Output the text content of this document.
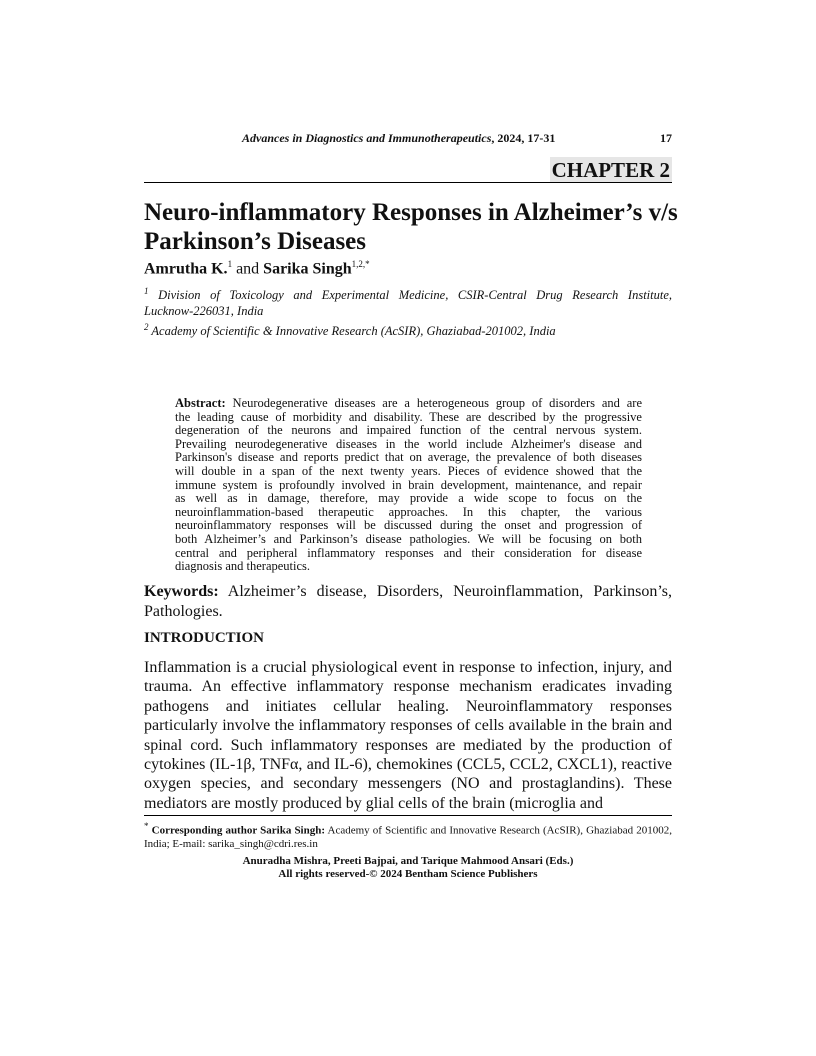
Advances in Diagnostics and Immunotherapeutics, 2024, 17-31	17
CHAPTER 2
Neuro-inflammatory Responses in Alzheimer’s v/s
Parkinson’s Diseases
Amrutha K.$^1$ and Sarika Singh$^{1,2,*}$
$^1$ Division of Toxicology and Experimental Medicine, CSIR-Central Drug Research Institute,
Lucknow-226031, India
$^2$ Academy of Scientific & Innovative Research (AcSIR), Ghaziabad-201002, India
Abstract: Neurodegenerative diseases are a heterogeneous group of disorders and are
the leading cause of morbidity and disability. These are described by the progressive
degeneration of the neurons and impaired function of the central nervous system.
Prevailing neurodegenerative diseases in the world include Alzheimer's disease and
Parkinson's disease and reports predict that on average, the prevalence of both diseases
will double in a span of the next twenty years. Pieces of evidence showed that the
immune system is profoundly involved in brain development, maintenance, and repair
as well as in damage, therefore, may provide a wide scope to focus on the
neuroinflammation-based therapeutic approaches. In this chapter, the various
neuroinflammatory responses will be discussed during the onset and progression of
both Alzheimer’s and Parkinson’s disease pathologies. We will be focusing on both
central and peripheral inflammatory responses and their consideration for disease
diagnosis and therapeutics.
Keywords: Alzheimer’s disease, Disorders, Neuroinflammation, Parkinson’s,
Pathologies.
INTRODUCTION
Inflammation is a crucial physiological event in response to infection, injury, and
trauma. An effective inflammatory response mechanism eradicates invading
pathogens and initiates cellular healing. Neuroinflammatory responses
particularly involve the inflammatory responses of cells available in the brain and
spinal cord. Such inflammatory responses are mediated by the production of
cytokines (IL-1β, TNFα, and IL-6), chemokines (CCL5, CCL2, CXCL1), reactive
oxygen species, and secondary messengers (NO and prostaglandins). These
mediators are mostly produced by glial cells of the brain (microglia and
* Corresponding author Sarika Singh: Academy of Scientific and Innovative Research (AcSIR), Ghaziabad 201002,
India; E-mail: sarika_singh@cdri.res.in
Anuradha Mishra, Preeti Bajpai, and Tarique Mahmood Ansari (Eds.)
All rights reserved-© 2024 Bentham Science Publishers
